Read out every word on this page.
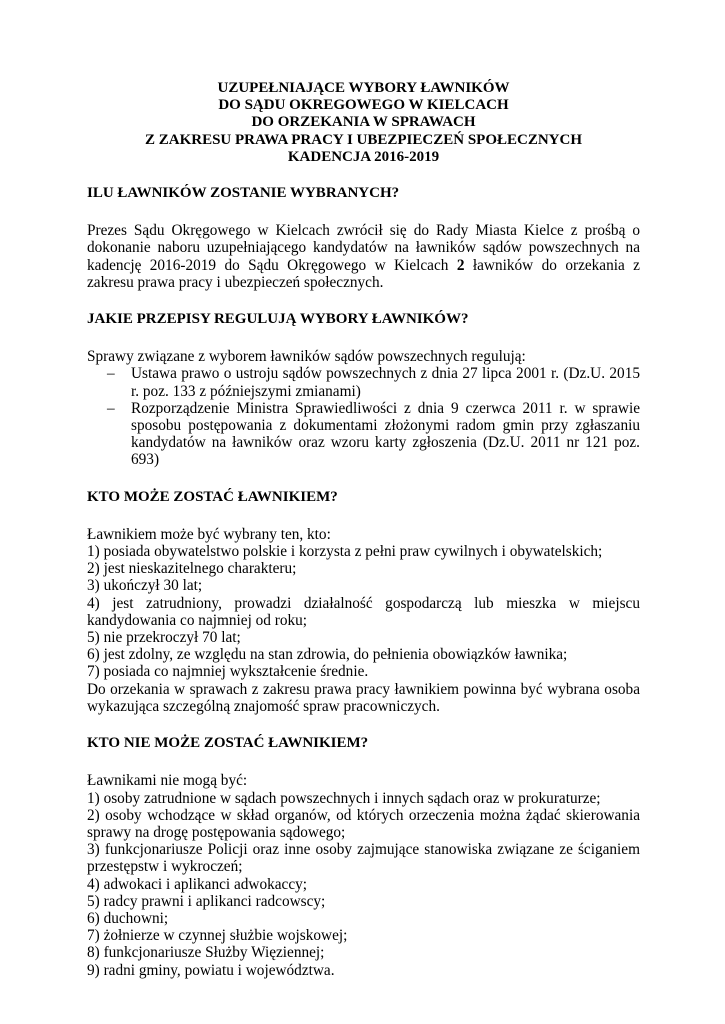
UZUPEŁNIAJĄCE WYBORY ŁAWNIKÓW
DO SĄDU OKREGOWEGO W KIELCACH
DO ORZEKANIA W SPRAWACH
Z ZAKRESU PRAWA PRACY I UBEZPIECZEŃ SPOŁECZNYCH
KADENCJA 2016-2019
ILU ŁAWNIKÓW ZOSTANIE WYBRANYCH?

Prezes Sądu Okręgowego w Kielcach zwrócił się do Rady Miasta Kielce z prośbą o dokonanie naboru uzupełniającego kandydatów na ławników sądów powszechnych na kadencję 2016-2019 do Sądu Okręgowego w Kielcach 2 ławników do orzekania z zakresu prawa pracy i ubezpieczeń społecznych.

JAKIE PRZEPISY REGULUJĄ WYBORY ŁAWNIKÓW?

Sprawy związane z wyborem ławników sądów powszechnych regulują:

– Ustawa prawo o ustroju sądów powszechnych z dnia 27 lipca 2001 r. (Dz.U. 2015 r. poz. 133 z późniejszymi zmianami)
– Rozporządzenie Ministra Sprawiedliwości z dnia 9 czerwca 2011 r. w sprawie sposobu postępowania z dokumentami złożonymi radom gmin przy zgłaszaniu kandydatów na ławników oraz wzoru karty zgłoszenia (Dz.U. 2011 nr 121 poz. 693)
KTO MOŻE ZOSTAĆ ŁAWNIKIEM?

Ławnikiem może być wybrany ten, kto:

1) posiada obywatelstwo polskie i korzysta z pełni praw cywilnych i obywatelskich;

2) jest nieskazitelnego charakteru;

3) ukończył 30 lat;

4) jest zatrudniony, prowadzi działalność gospodarczą lub mieszka w miejscu kandydowania co najmniej od roku;

5) nie przekroczył 70 lat;

6) jest zdolny, ze względu na stan zdrowia, do pełnienia obowiązków ławnika;

7) posiada co najmniej wykształcenie średnie.

Do orzekania w sprawach z zakresu prawa pracy ławnikiem powinna być wybrana osoba wykazująca szczególną znajomość spraw pracowniczych.

KTO NIE MOŻE ZOSTAĆ ŁAWNIKIEM?

Ławnikami nie mogą być:

1) osoby zatrudnione w sądach powszechnych i innych sądach oraz w prokuraturze;

2) osoby wchodzące w skład organów, od których orzeczenia można żądać skierowania sprawy na drogę postępowania sądowego;

3) funkcjonariusze Policji oraz inne osoby zajmujące stanowiska związane ze ściganiem przestępstw i wykroczeń;

4) adwokaci i aplikanci adwokaccy;

5) radcy prawni i aplikanci radcowscy;

6) duchowni;

7) żołnierze w czynnej służbie wojskowej;

8) funkcjonariusze Służby Więziennej;

9) radni gminy, powiatu i województwa.
